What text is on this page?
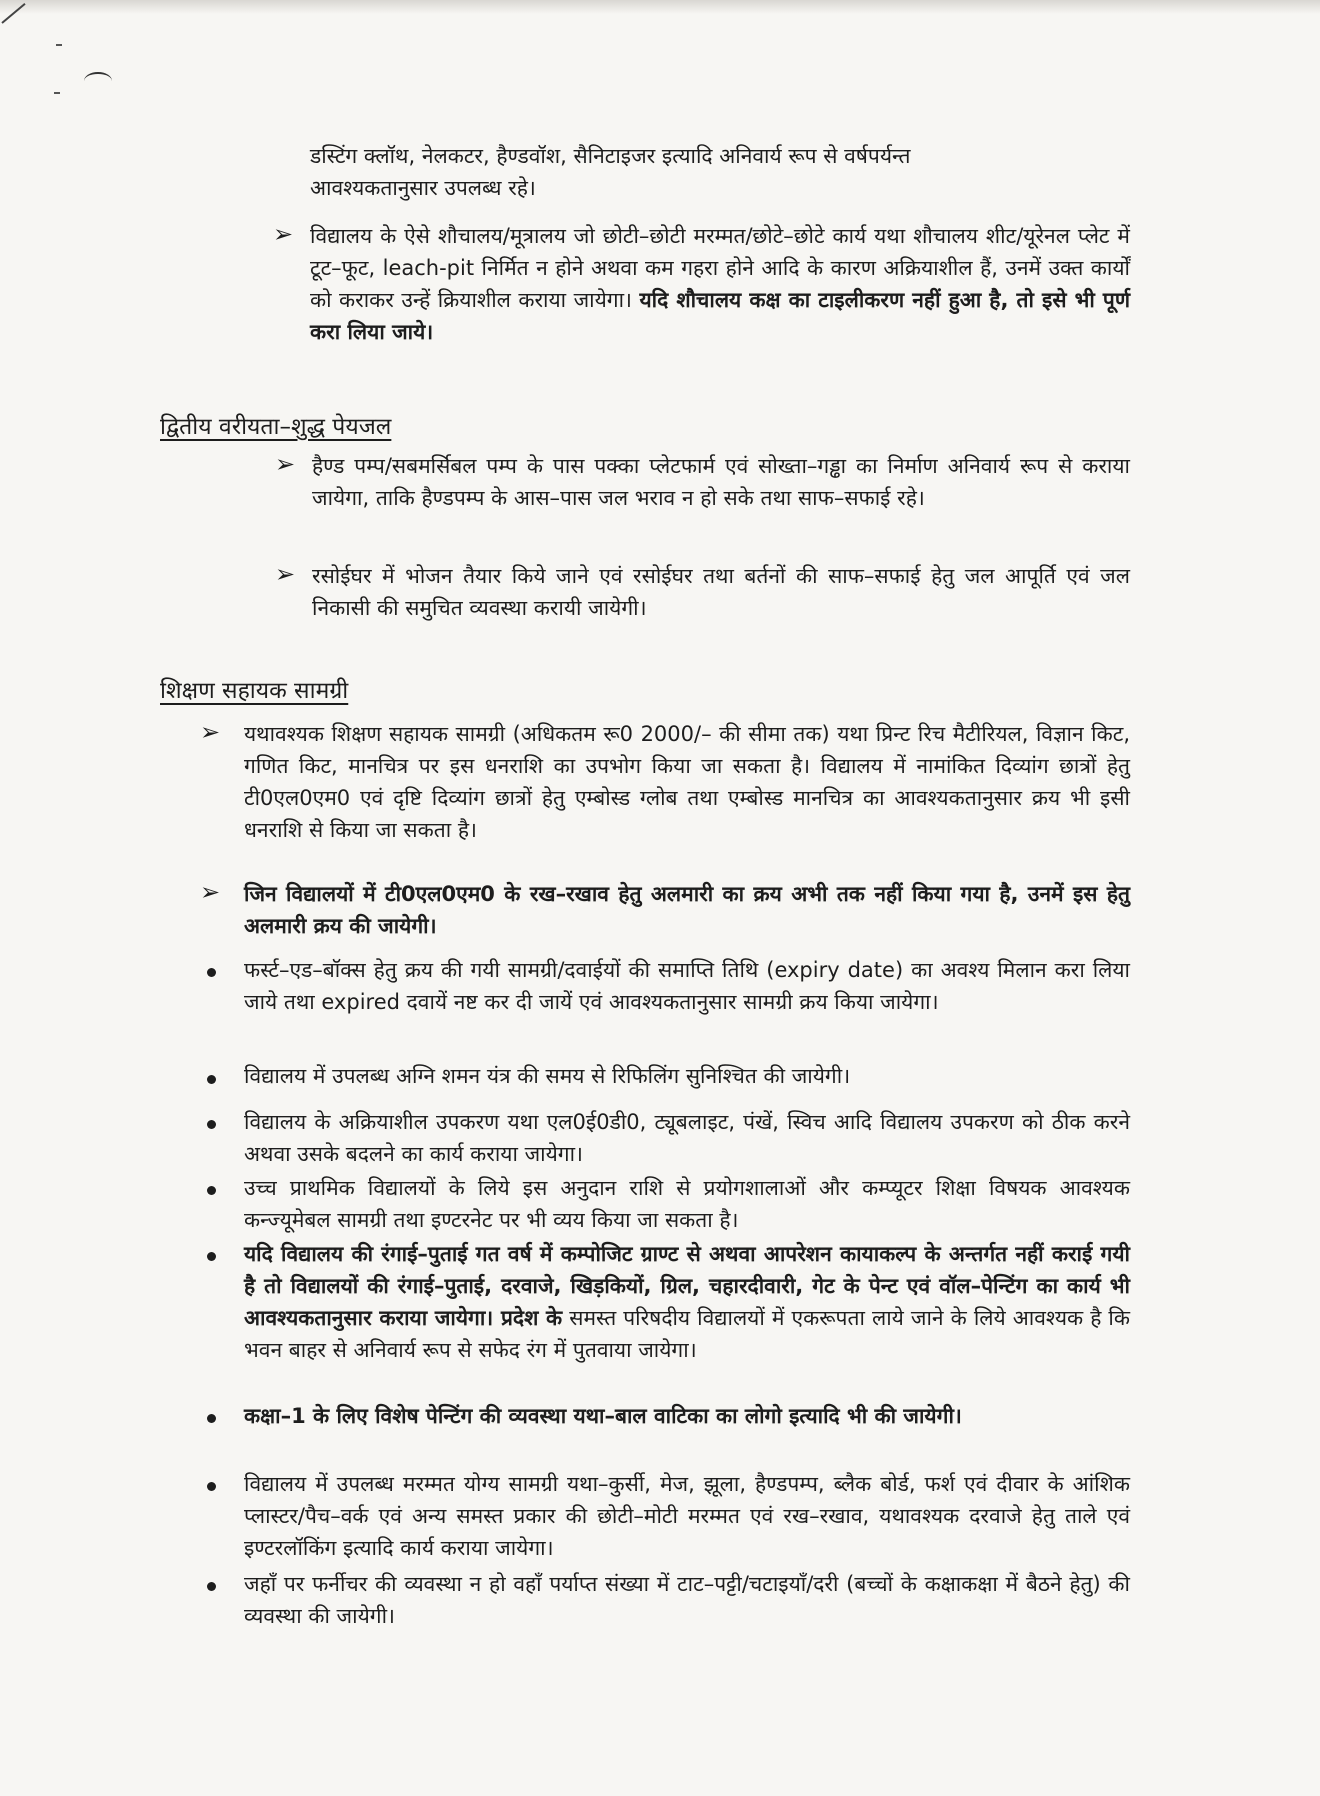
डस्टिंग क्लॉथ, नेलकटर, हैण्डवॉश, सैनिटाइजर इत्यादि अनिवार्य रूप से वर्षपर्यन्त
आवश्यकतानुसार उपलब्ध रहे।
➢ विद्यालय के ऐसे शौचालय/मूत्रालय जो छोटी–छोटी मरम्मत/छोटे–छोटे कार्य यथा शौचालय शीट/यूरेनल प्लेट में टूट–फूट, leach-pit निर्मित न होने अथवा कम गहरा होने आदि के कारण अक्रियाशील हैं, उनमें उक्त कार्यों को कराकर उन्हें क्रियाशील कराया जायेगा। यदि शौचालय कक्ष का टाइलीकरण नहीं हुआ है, तो इसे भी पूर्ण करा लिया जाये।
द्वितीय वरीयता–शुद्ध पेयजल
➢ हैण्ड पम्प/सबमर्सिबल पम्प के पास पक्का प्लेटफार्म एवं सोख्ता–गड्ढा का निर्माण अनिवार्य रूप से कराया जायेगा, ताकि हैण्डपम्प के आस–पास जल भराव न हो सके तथा साफ–सफाई रहे।
➢ रसोईघर में भोजन तैयार किये जाने एवं रसोईघर तथा बर्तनों की साफ–सफाई हेतु जल आपूर्ति एवं जल निकासी की समुचित व्यवस्था करायी जायेगी।
शिक्षण सहायक सामग्री
➢ यथावश्यक शिक्षण सहायक सामग्री (अधिकतम रू0 2000/– की सीमा तक) यथा प्रिन्ट रिच मैटीरियल, विज्ञान किट, गणित किट, मानचित्र पर इस धनराशि का उपभोग किया जा सकता है। विद्यालय में नामांकित दिव्यांग छात्रों हेतु टी0एल0एम0 एवं दृष्टि दिव्यांग छात्रों हेतु एम्बोस्ड ग्लोब तथा एम्बोस्ड मानचित्र का आवश्यकतानुसार क्रय भी इसी धनराशि से किया जा सकता है।
➢ जिन विद्यालयों में टी0एल0एम0 के रख–रखाव हेतु अलमारी का क्रय अभी तक नहीं किया गया है, उनमें इस हेतु अलमारी क्रय की जायेगी।
फर्स्ट–एड–बॉक्स हेतु क्रय की गयी सामग्री/दवाईयों की समाप्ति तिथि (expiry date) का अवश्य मिलान करा लिया जाये तथा expired दवायें नष्ट कर दी जायें एवं आवश्यकतानुसार सामग्री क्रय किया जायेगा।
विद्यालय में उपलब्ध अग्नि शमन यंत्र की समय से रिफिलिंग सुनिश्चित की जायेगी।
विद्यालय के अक्रियाशील उपकरण यथा एल0ई0डी0, ट्यूबलाइट, पंखें, स्विच आदि विद्यालय उपकरण को ठीक करने अथवा उसके बदलने का कार्य कराया जायेगा।
उच्च प्राथमिक विद्यालयों के लिये इस अनुदान राशि से प्रयोगशालाओं और कम्प्यूटर शिक्षा विषयक आवश्यक कन्ज्यूमेबल सामग्री तथा इण्टरनेट पर भी व्यय किया जा सकता है।
यदि विद्यालय की रंगाई–पुताई गत वर्ष में कम्पोजिट ग्राण्ट से अथवा आपरेशन कायाकल्प के अन्तर्गत नहीं कराई गयी है तो विद्यालयों की रंगाई–पुताई, दरवाजे, खिड़कियों, ग्रिल, चहारदीवारी, गेट के पेन्ट एवं वॉल–पेन्टिंग का कार्य भी आवश्यकतानुसार कराया जायेगा। प्रदेश के समस्त परिषदीय विद्यालयों में एकरूपता लाये जाने के लिये आवश्यक है कि भवन बाहर से अनिवार्य रूप से सफेद रंग में पुतवाया जायेगा।
कक्षा–1 के लिए विशेष पेन्टिंग की व्यवस्था यथा–बाल वाटिका का लोगो इत्यादि भी की जायेगी।
विद्यालय में उपलब्ध मरम्मत योग्य सामग्री यथा–कुर्सी, मेज, झूला, हैण्डपम्प, ब्लैक बोर्ड, फर्श एवं दीवार के आंशिक प्लास्टर/पैच–वर्क एवं अन्य समस्त प्रकार की छोटी–मोटी मरम्मत एवं रख–रखाव, यथावश्यक दरवाजे हेतु ताले एवं इण्टरलॉकिंग इत्यादि कार्य कराया जायेगा।
जहाँ पर फर्नीचर की व्यवस्था न हो वहाँ पर्याप्त संख्या में टाट–पट्टी/चटाइयाँ/दरी (बच्चों के कक्षाकक्षा में बैठने हेतु) की व्यवस्था की जायेगी।
